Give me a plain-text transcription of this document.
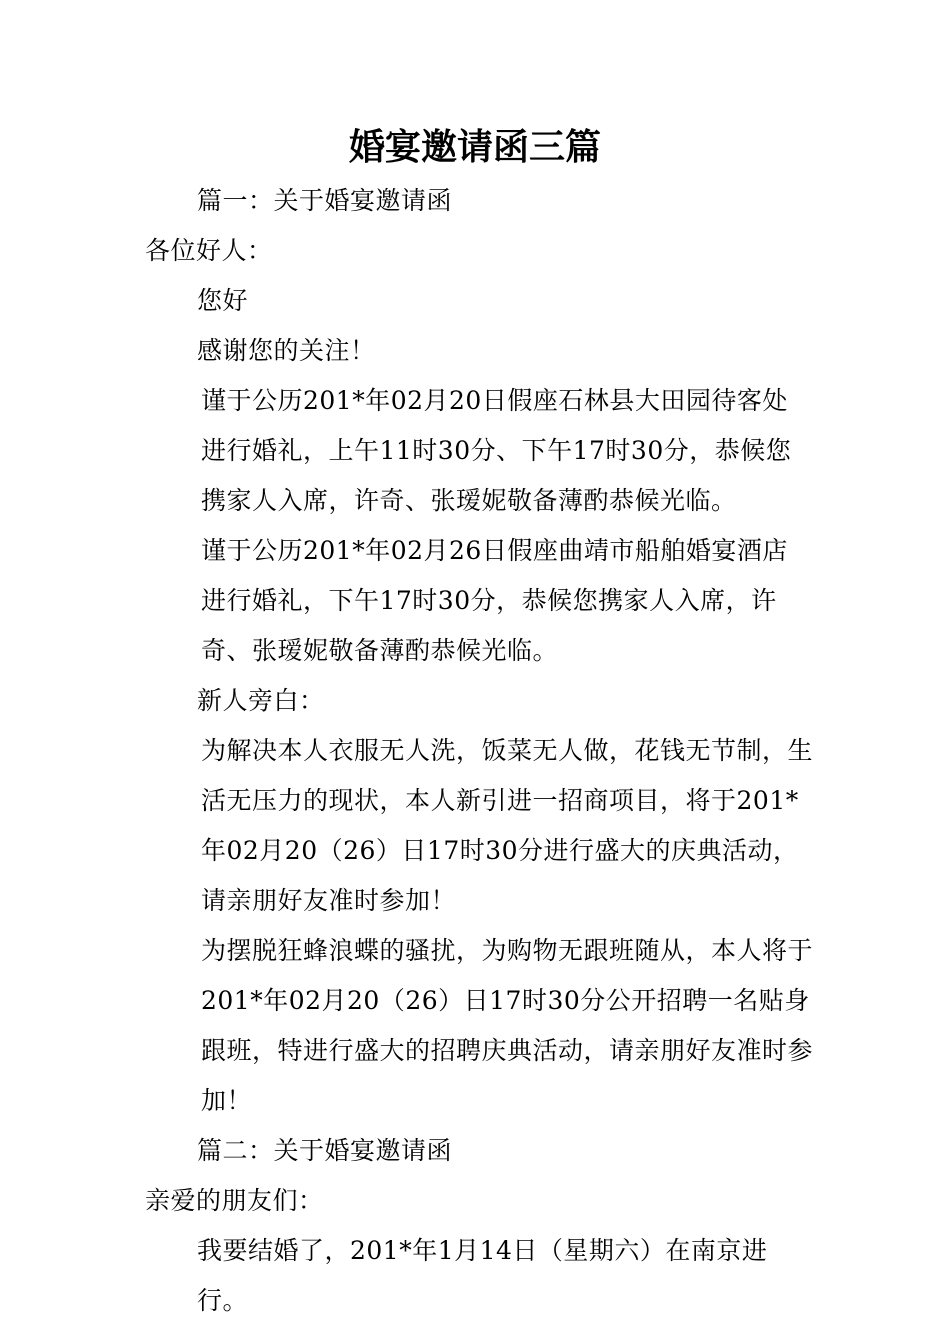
婚宴邀请函三篇

篇一：关于婚宴邀请函

各位好人：

您好

感谢您的关注！

谨于公历201*年02月20日假座石林县大田园待客处进行婚礼，上午11时30分、下午17时30分，恭候您携家人入席，许奇、张瑷妮敬备薄酌恭候光临。

谨于公历201*年02月26日假座曲靖市船舶婚宴酒店进行婚礼，下午17时30分，恭候您携家人入席，许奇、张瑷妮敬备薄酌恭候光临。

新人旁白：

为解决本人衣服无人洗，饭菜无人做，花钱无节制，生活无压力的现状，本人新引进一招商项目，将于201*年02月20（26）日17时30分进行盛大的庆典活动，请亲朋好友准时参加！

为摆脱狂蜂浪蝶的骚扰，为购物无跟班随从，本人将于201*年02月20（26）日17时30分公开招聘一名贴身跟班，特进行盛大的招聘庆典活动，请亲朋好友准时参加！

篇二：关于婚宴邀请函

亲爱的朋友们：

我要结婚了，201*年1月14日（星期六）在南京进行。
